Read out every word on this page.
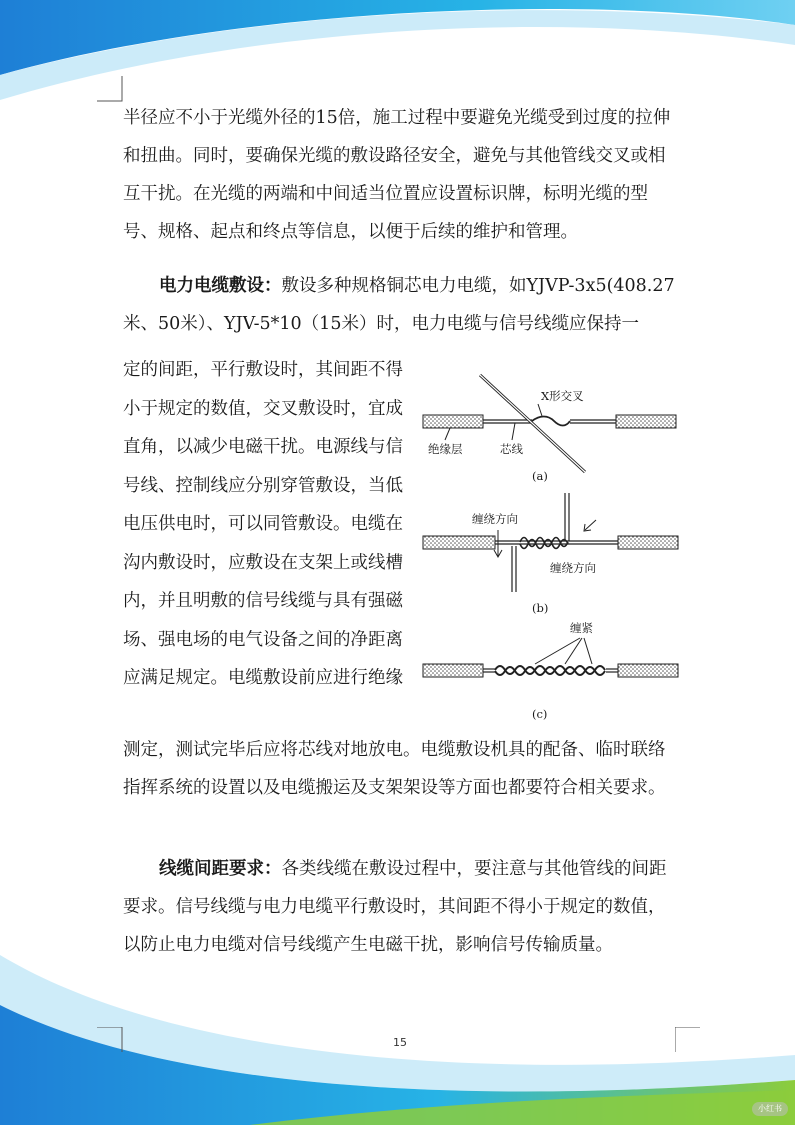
半径应不小于光缆外径的15倍，施工过程中要避免光缆受到过度的拉伸和扭曲。同时，要确保光缆的敷设路径安全，避免与其他管线交叉或相互干扰。在光缆的两端和中间适当位置应设置标识牌，标明光缆的型号、规格、起点和终点等信息，以便于后续的维护和管理。

电力电缆敷设：敷设多种规格铜芯电力电缆，如YJVP-3x5(408.27米、50米）、YJV-5*10（15米）时，电力电缆与信号线缆应保持一

定的间距，平行敷设时，其间距不得小于规定的数值，交叉敷设时，宜成直角，以减少电磁干扰。电源线与信号线、控制线应分别穿管敷设，当低电压供电时，可以同管敷设。电缆在沟内敷设时，应敷设在支架上或线槽内，并且明敷的信号线缆与具有强磁场、强电场的电气设备之间的净距离应满足规定。电缆敷设前应进行绝缘

X形交叉
绝缘层	芯线
(a)
缠绕方向
缠绕方向
(b)
缠紧
(c)

测定，测试完毕后应将芯线对地放电。电缆敷设机具的配备、临时联络指挥系统的设置以及电缆搬运及支架架设等方面也都要符合相关要求。

线缆间距要求：各类线缆在敷设过程中，要注意与其他管线的间距要求。信号线缆与电力电缆平行敷设时，其间距不得小于规定的数值，以防止电力电缆对信号线缆产生电磁干扰，影响信号传输质量。

15
小红书
